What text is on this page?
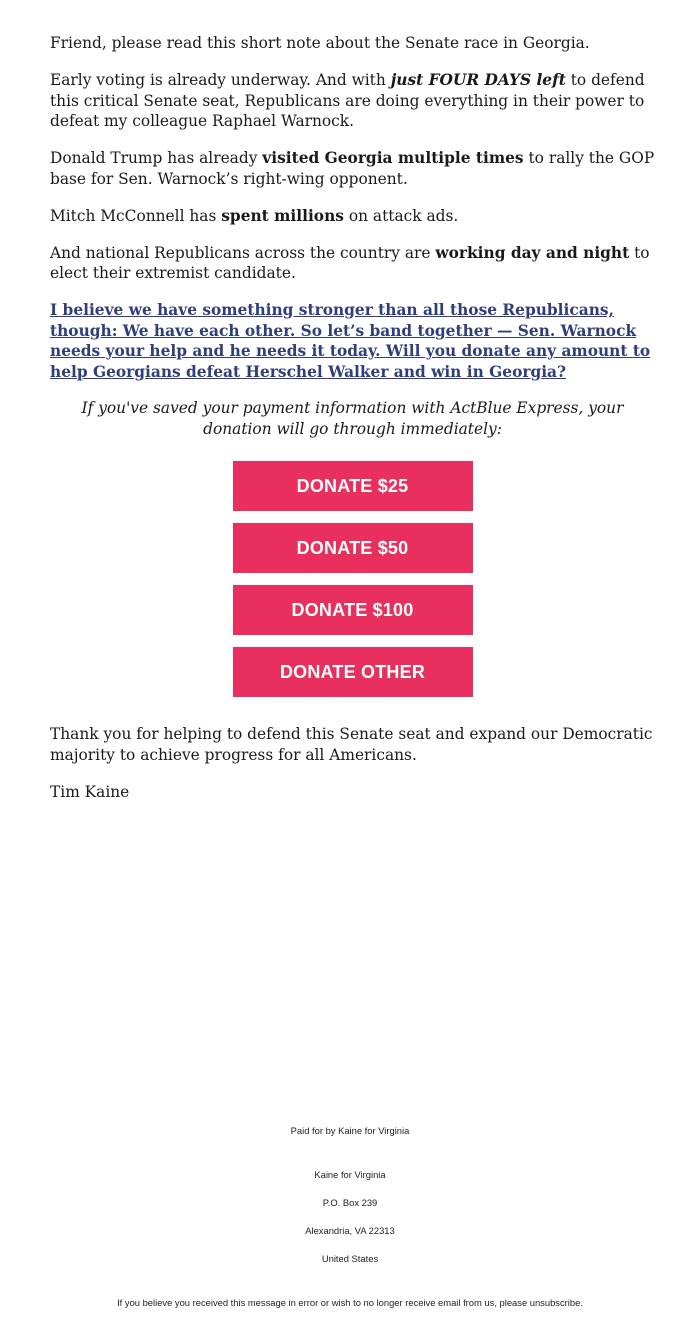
Friend, please read this short note about the Senate race in Georgia.

Early voting is already underway. And with just FOUR DAYS left to defend this critical Senate seat, Republicans are doing everything in their power to defeat my colleague Raphael Warnock.

Donald Trump has already visited Georgia multiple times to rally the GOP base for Sen. Warnock’s right-wing opponent.

Mitch McConnell has spent millions on attack ads.

And national Republicans across the country are working day and night to elect their extremist candidate.

I believe we have something stronger than all those Republicans, though: We have each other. So let’s band together — Sen. Warnock needs your help and he needs it today. Will you donate any amount to help Georgians defeat Herschel Walker and win in Georgia?

If you've saved your payment information with ActBlue Express, your donation will go through immediately:

DONATE $25
DONATE $50
DONATE $100
DONATE OTHER

Thank you for helping to defend this Senate seat and expand our Democratic majority to achieve progress for all Americans.

Tim Kaine

Paid for by Kaine for Virginia
Kaine for Virginia
P.O. Box 239
Alexandria, VA 22313
United States
If you believe you received this message in error or wish to no longer receive email from us, please unsubscribe.
